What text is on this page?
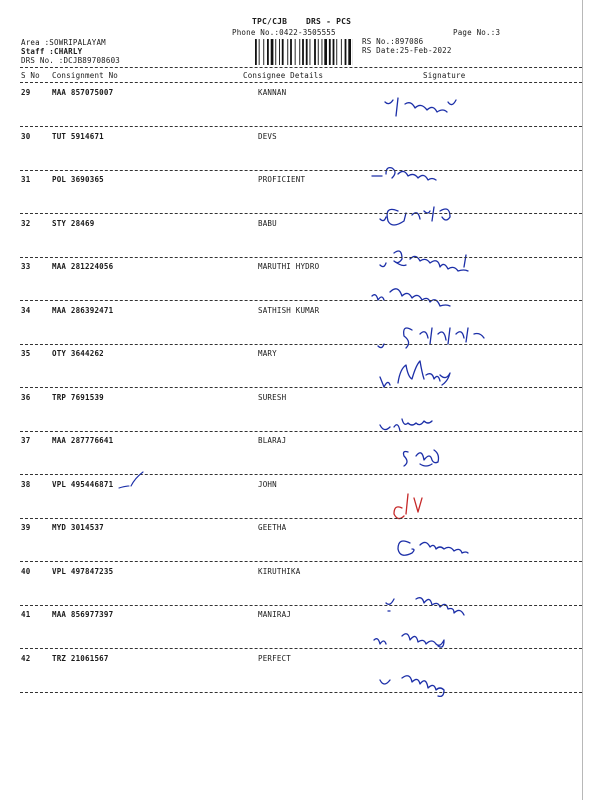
TPC/CJB DRS - PCS
Phone No.:0422-3505555
Area :SOWRIPALAYAM
Staff :CHARLY
DRS No. :DCJB89708603
RS No.:897086
RS Date:25-Feb-2022
Page No.:3
S No Consignment No	Consignee Details	Signature
29	MAA 857075007	KANNAN
30	TUT 5914671	DEVS
31	POL 3690365	PROFICIENT
32	STY 28469	BABU
33	MAA 281224056	MARUTHI HYDRO
34	MAA 286392471	SATHISH KUMAR
35	OTY 3644262	MARY
36	TRP 7691539	SURESH
37	MAA 287776641	BLARAJ
38	VPL 495446871	JOHN
39	MYD 3014537	GEETHA
40	VPL 497847235	KIRUTHIKA
41	MAA 856977397	MANIRAJ
42	TRZ 21061567	PERFECT
